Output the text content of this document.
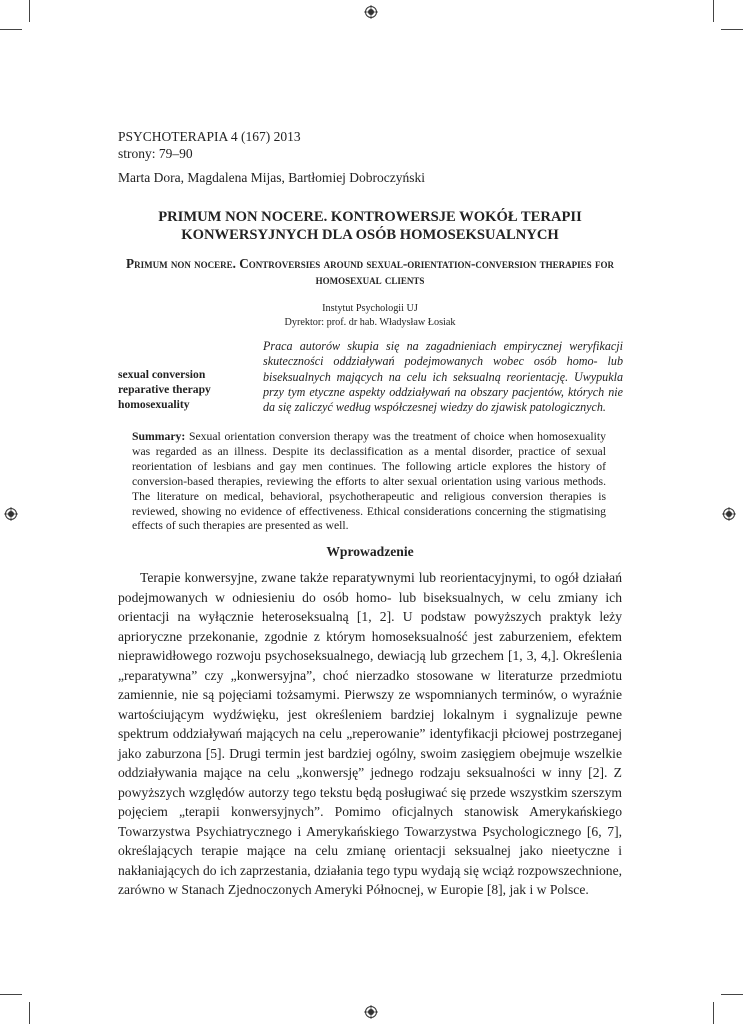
PSYCHOTERAPIA 4 (167) 2013
strony: 79–90
Marta Dora, Magdalena Mijas, Bartłomiej Dobroczyński
PRIMUM NON NOCERE. KONTROWERSJE WOKÓŁ TERAPII KONWERSYJNYCH DLA OSÓB HOMOSEKSUALNYCH
Primum non nocere. Controversies around sexual-orientation-conversion therapies for homosexual clients
Instytut Psychologii UJ
Dyrektor: prof. dr hab. Władysław Łosiak
sexual conversion
reparative therapy
homosexuality
Praca autorów skupia się na zagadnieniach empirycznej weryfikacji skuteczności oddziaływań podejmowanych wobec osób homo- lub biseksualnych mających na celu ich seksualną reorientację. Uwypukla przy tym etyczne aspekty oddziaływań na obszary pacjentów, których nie da się zaliczyć według współczesnej wiedzy do zjawisk patologicznych.
Summary: Sexual orientation conversion therapy was the treatment of choice when homosexuality was regarded as an illness. Despite its declassification as a mental disorder, practice of sexual reorientation of lesbians and gay men continues. The following article explores the history of conversion-based therapies, reviewing the efforts to alter sexual orientation using various methods. The literature on medical, behavioral, psychotherapeutic and religious conversion therapies is reviewed, showing no evidence of effectiveness. Ethical considerations concerning the stigmatising effects of such therapies are presented as well.
Wprowadzenie
Terapie konwersyjne, zwane także reparatywnymi lub reorientacyjnymi, to ogół działań podejmowanych w odniesieniu do osób homo- lub biseksualnych, w celu zmiany ich orientacji na wyłącznie heteroseksualną [1, 2]. U podstaw powyższych praktyk leży aprioryczne przekonanie, zgodnie z którym homoseksualność jest zaburzeniem, efektem nieprawidłowego rozwoju psychoseksualnego, dewiacją lub grzechem [1, 3, 4,]. Określenia „reparatywna” czy „konwersyjna”, choć nierzadko stosowane w literaturze przedmiotu zamiennie, nie są pojęciami tożsamymi. Pierwszy ze wspomnianych terminów, o wyraźnie wartościującym wydźwięku, jest określeniem bardziej lokalnym i sygnalizuje pewne spektrum oddziaływań mających na celu „reperowanie” identyfikacji płciowej postrzeganej jako zaburzona [5]. Drugi termin jest bardziej ogólny, swoim zasięgiem obejmuje wszelkie oddziaływania mające na celu „konwersję” jednego rodzaju seksualności w inny [2]. Z powyższych względów autorzy tego tekstu będą posługiwać się przede wszystkim szerszym pojęciem „terapii konwersyjnych”. Pomimo oficjalnych stanowisk Amerykańskiego Towarzystwa Psychiatrycznego i Amerykańskiego Towarzystwa Psychologicznego [6, 7], określających terapie mające na celu zmianę orientacji seksualnej jako nieetyczne i nakłaniających do ich zaprzestania, działania tego typu wydają się wciąż rozpowszechnione, zarówno w Stanach Zjednoczonych Ameryki Północnej, w Europie [8], jak i w Polsce.
